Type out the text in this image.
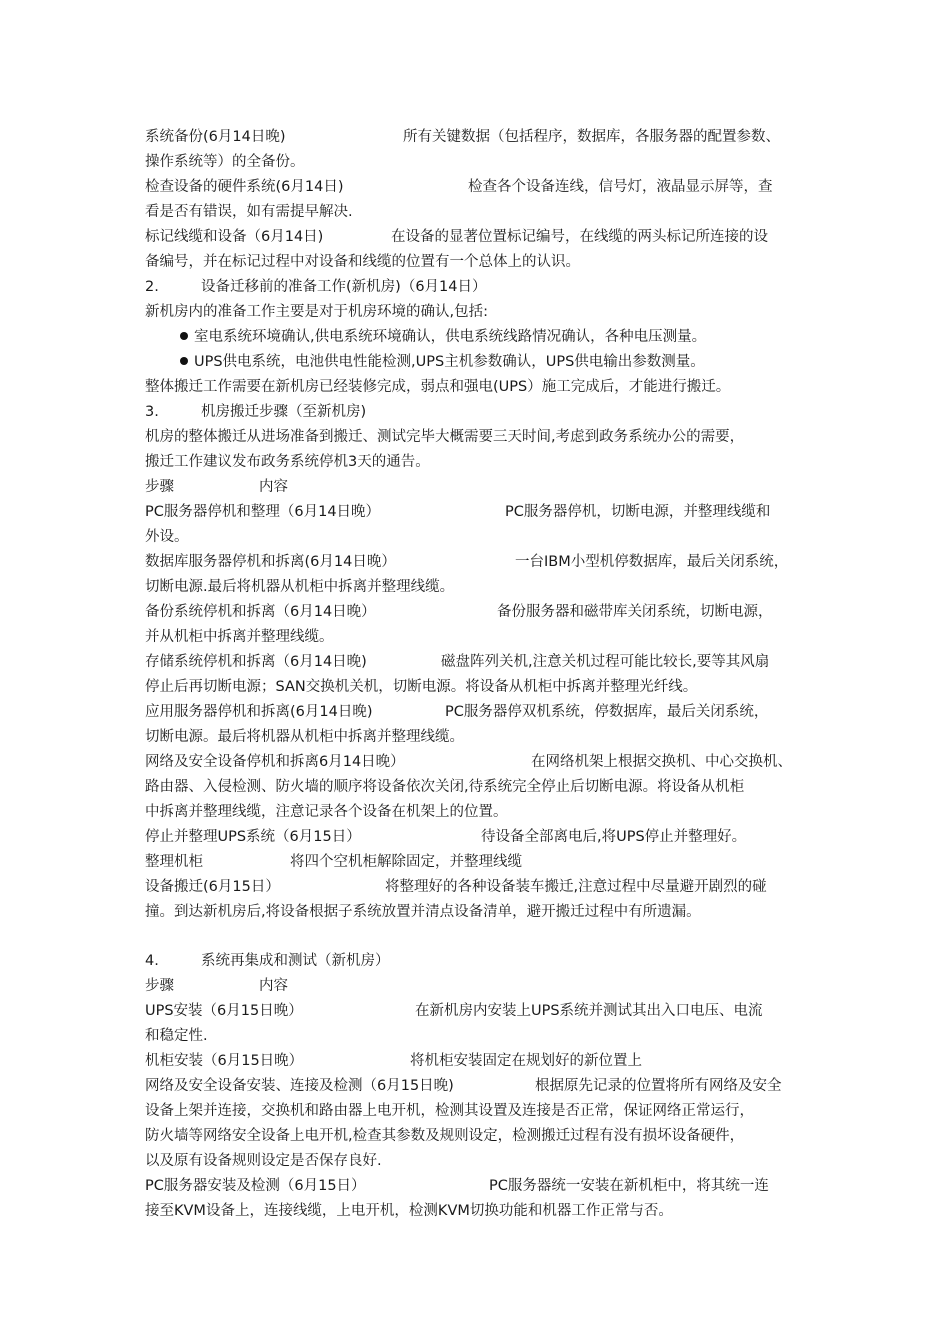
系统备份(6月14日晚)	所有关键数据（包括程序，数据库，各服务器的配置参数、
操作系统等）的全备份。
检查设备的硬件系统(6月14日)	检查各个设备连线，信号灯，液晶显示屏等，查
看是否有错误，如有需提早解决.
标记线缆和设备（6月14日)	在设备的显著位置标记编号，在线缆的两头标记所连接的设
备编号，并在标记过程中对设备和线缆的位置有一个总体上的认识。
2.	设备迁移前的准备工作(新机房)（6月14日）
新机房内的准备工作主要是对于机房环境的确认,包括:
室电系统环境确认,供电系统环境确认，供电系统线路情况确认，各种电压测量。
UPS供电系统，电池供电性能检测,UPS主机参数确认，UPS供电输出参数测量。
整体搬迁工作需要在新机房已经装修完成，弱点和强电(UPS）施工完成后，才能进行搬迁。
3.	机房搬迁步骤（至新机房)
机房的整体搬迁从进场准备到搬迁、测试完毕大概需要三天时间,考虑到政务系统办公的需要，
搬迁工作建议发布政务系统停机3天的通告。
步骤	内容
PC服务器停机和整理（6月14日晚）	PC服务器停机，切断电源，并整理线缆和
外设。
数据库服务器停机和拆离(6月14日晚）	一台IBM小型机停数据库，最后关闭系统，
切断电源.最后将机器从机柜中拆离并整理线缆。
备份系统停机和拆离（6月14日晚）	备份服务器和磁带库关闭系统，切断电源，
并从机柜中拆离并整理线缆。
存储系统停机和拆离（6月14日晚)	磁盘阵列关机,注意关机过程可能比较长,要等其风扇
停止后再切断电源；SAN交换机关机，切断电源。将设备从机柜中拆离并整理光纤线。
应用服务器停机和拆离(6月14日晚)	PC服务器停双机系统，停数据库，最后关闭系统，
切断电源。最后将机器从机柜中拆离并整理线缆。
网络及安全设备停机和拆离6月14日晚）	在网络机架上根据交换机、中心交换机、
路由器、入侵检测、防火墙的顺序将设备依次关闭,待系统完全停止后切断电源。将设备从机柜
中拆离并整理线缆，注意记录各个设备在机架上的位置。
停止并整理UPS系统（6月15日）	待设备全部离电后,将UPS停止并整理好。
整理机柜	将四个空机柜解除固定，并整理线缆
设备搬迁(6月15日）	将整理好的各种设备装车搬迁,注意过程中尽量避开剧烈的碰
撞。到达新机房后,将设备根据子系统放置并清点设备清单，避开搬迁过程中有所遗漏。
4.	系统再集成和测试（新机房）
步骤	内容
UPS安装（6月15日晚）	在新机房内安装上UPS系统并测试其出入口电压、电流
和稳定性.
机柜安装（6月15日晚）	将机柜安装固定在规划好的新位置上
网络及安全设备安装、连接及检测（6月15日晚)	根据原先记录的位置将所有网络及安全
设备上架并连接，交换机和路由器上电开机，检测其设置及连接是否正常，保证网络正常运行，
防火墙等网络安全设备上电开机,检查其参数及规则设定，检测搬迁过程有没有损坏设备硬件，
以及原有设备规则设定是否保存良好.
PC服务器安装及检测（6月15日）	PC服务器统一安装在新机柜中，将其统一连
接至KVM设备上，连接线缆，上电开机，检测KVM切换功能和机器工作正常与否。
